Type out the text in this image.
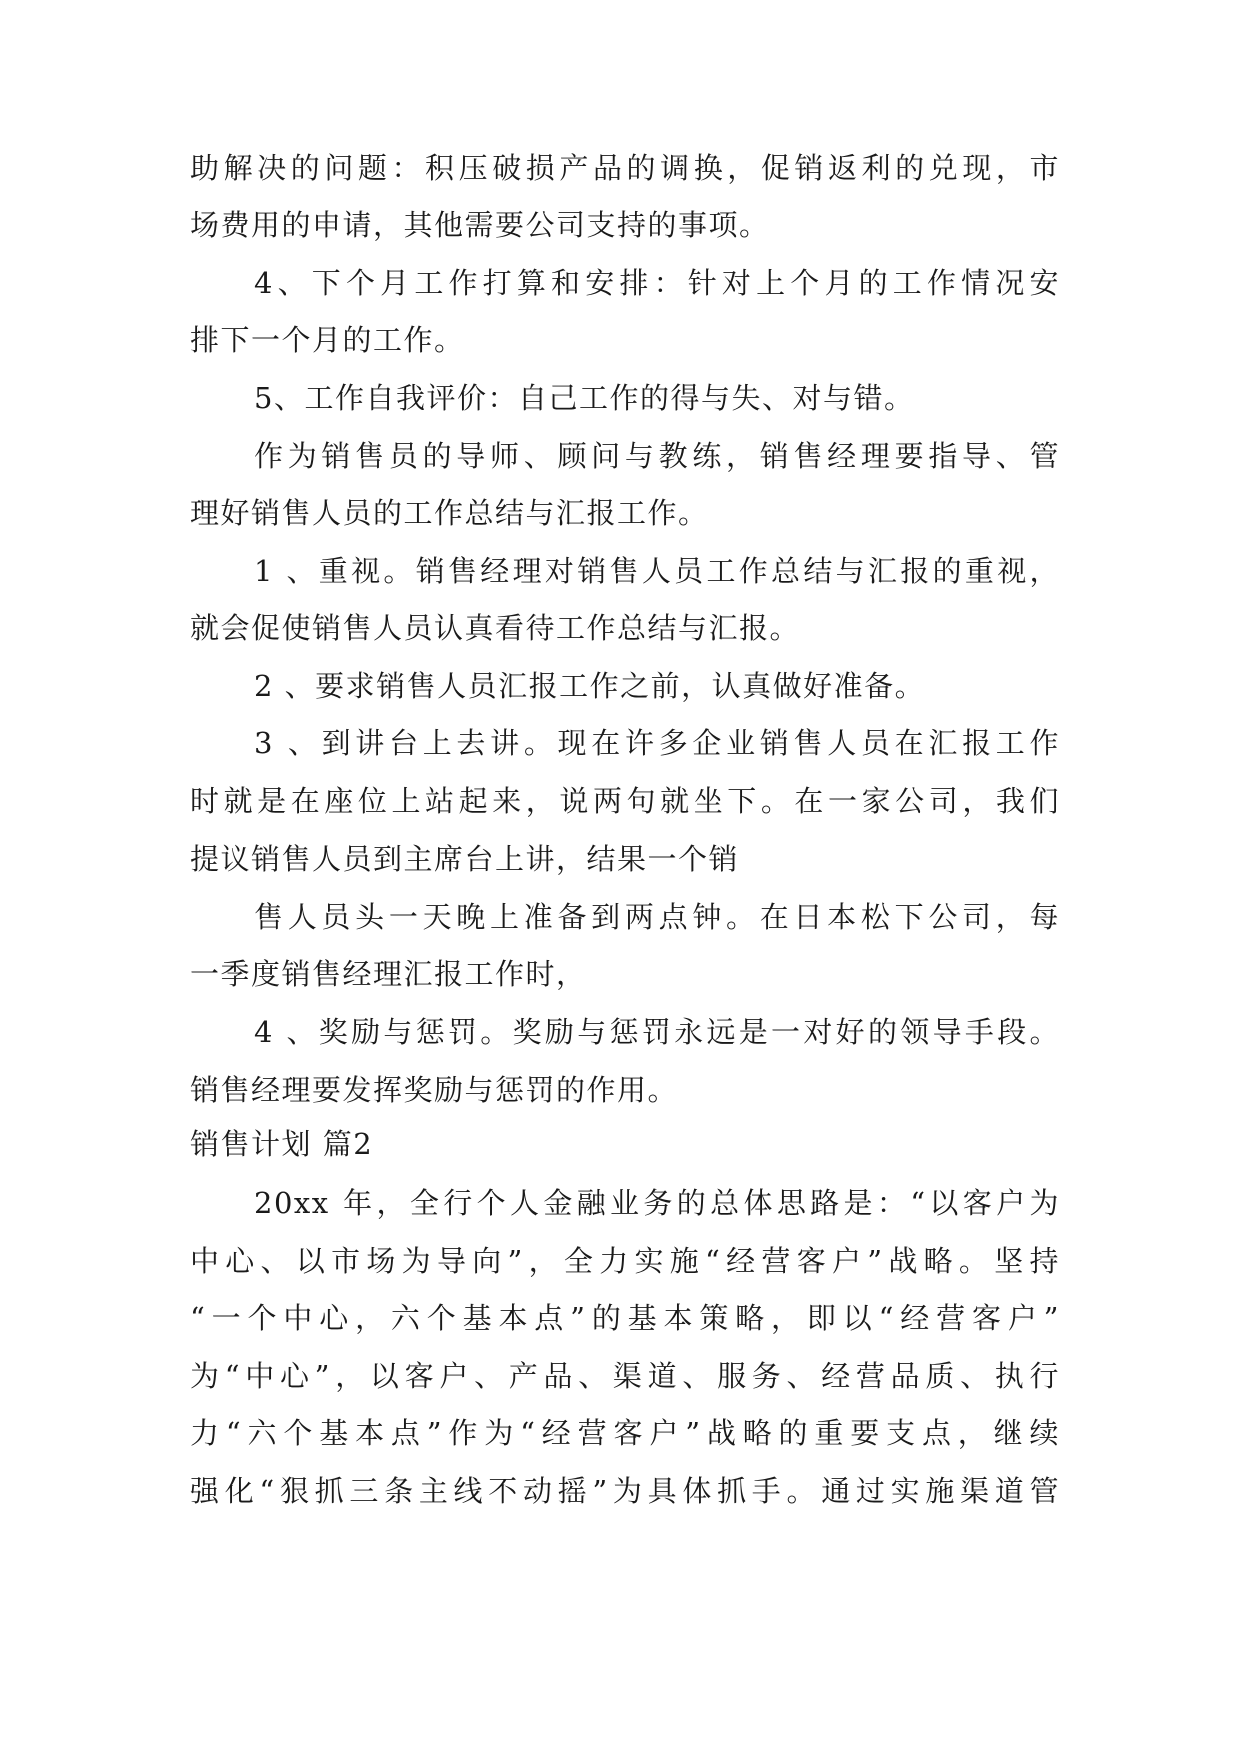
助解决的问题：积压破损产品的调换，促销返利的兑现，市
场费用的申请，其他需要公司支持的事项。
4、下个月工作打算和安排：针对上个月的工作情况安
排下一个月的工作。
5、工作自我评价：自己工作的得与失、对与错。
作为销售员的导师、顾问与教练，销售经理要指导、管
理好销售人员的工作总结与汇报工作。
1 、重视。销售经理对销售人员工作总结与汇报的重视，
就会促使销售人员认真看待工作总结与汇报。
2 、要求销售人员汇报工作之前，认真做好准备。
3 、到讲台上去讲。现在许多企业销售人员在汇报工作
时就是在座位上站起来，说两句就坐下。在一家公司，我们
提议销售人员到主席台上讲，结果一个销
售人员头一天晚上准备到两点钟。在日本松下公司，每
一季度销售经理汇报工作时，
4 、奖励与惩罚。奖励与惩罚永远是一对好的领导手段。
销售经理要发挥奖励与惩罚的作用。
销售计划 篇2
20xx 年，全行个人金融业务的总体思路是：“以客户为
中心、以市场为导向”，全力实施“经营客户”战略。坚持
“一个中心，六个基本点”的基本策略，即以“经营客户”
为“中心”，以客户、产品、渠道、服务、经营品质、执行
力“六个基本点”作为“经营客户”战略的重要支点，继续
强化“狠抓三条主线不动摇”为具体抓手。通过实施渠道管
